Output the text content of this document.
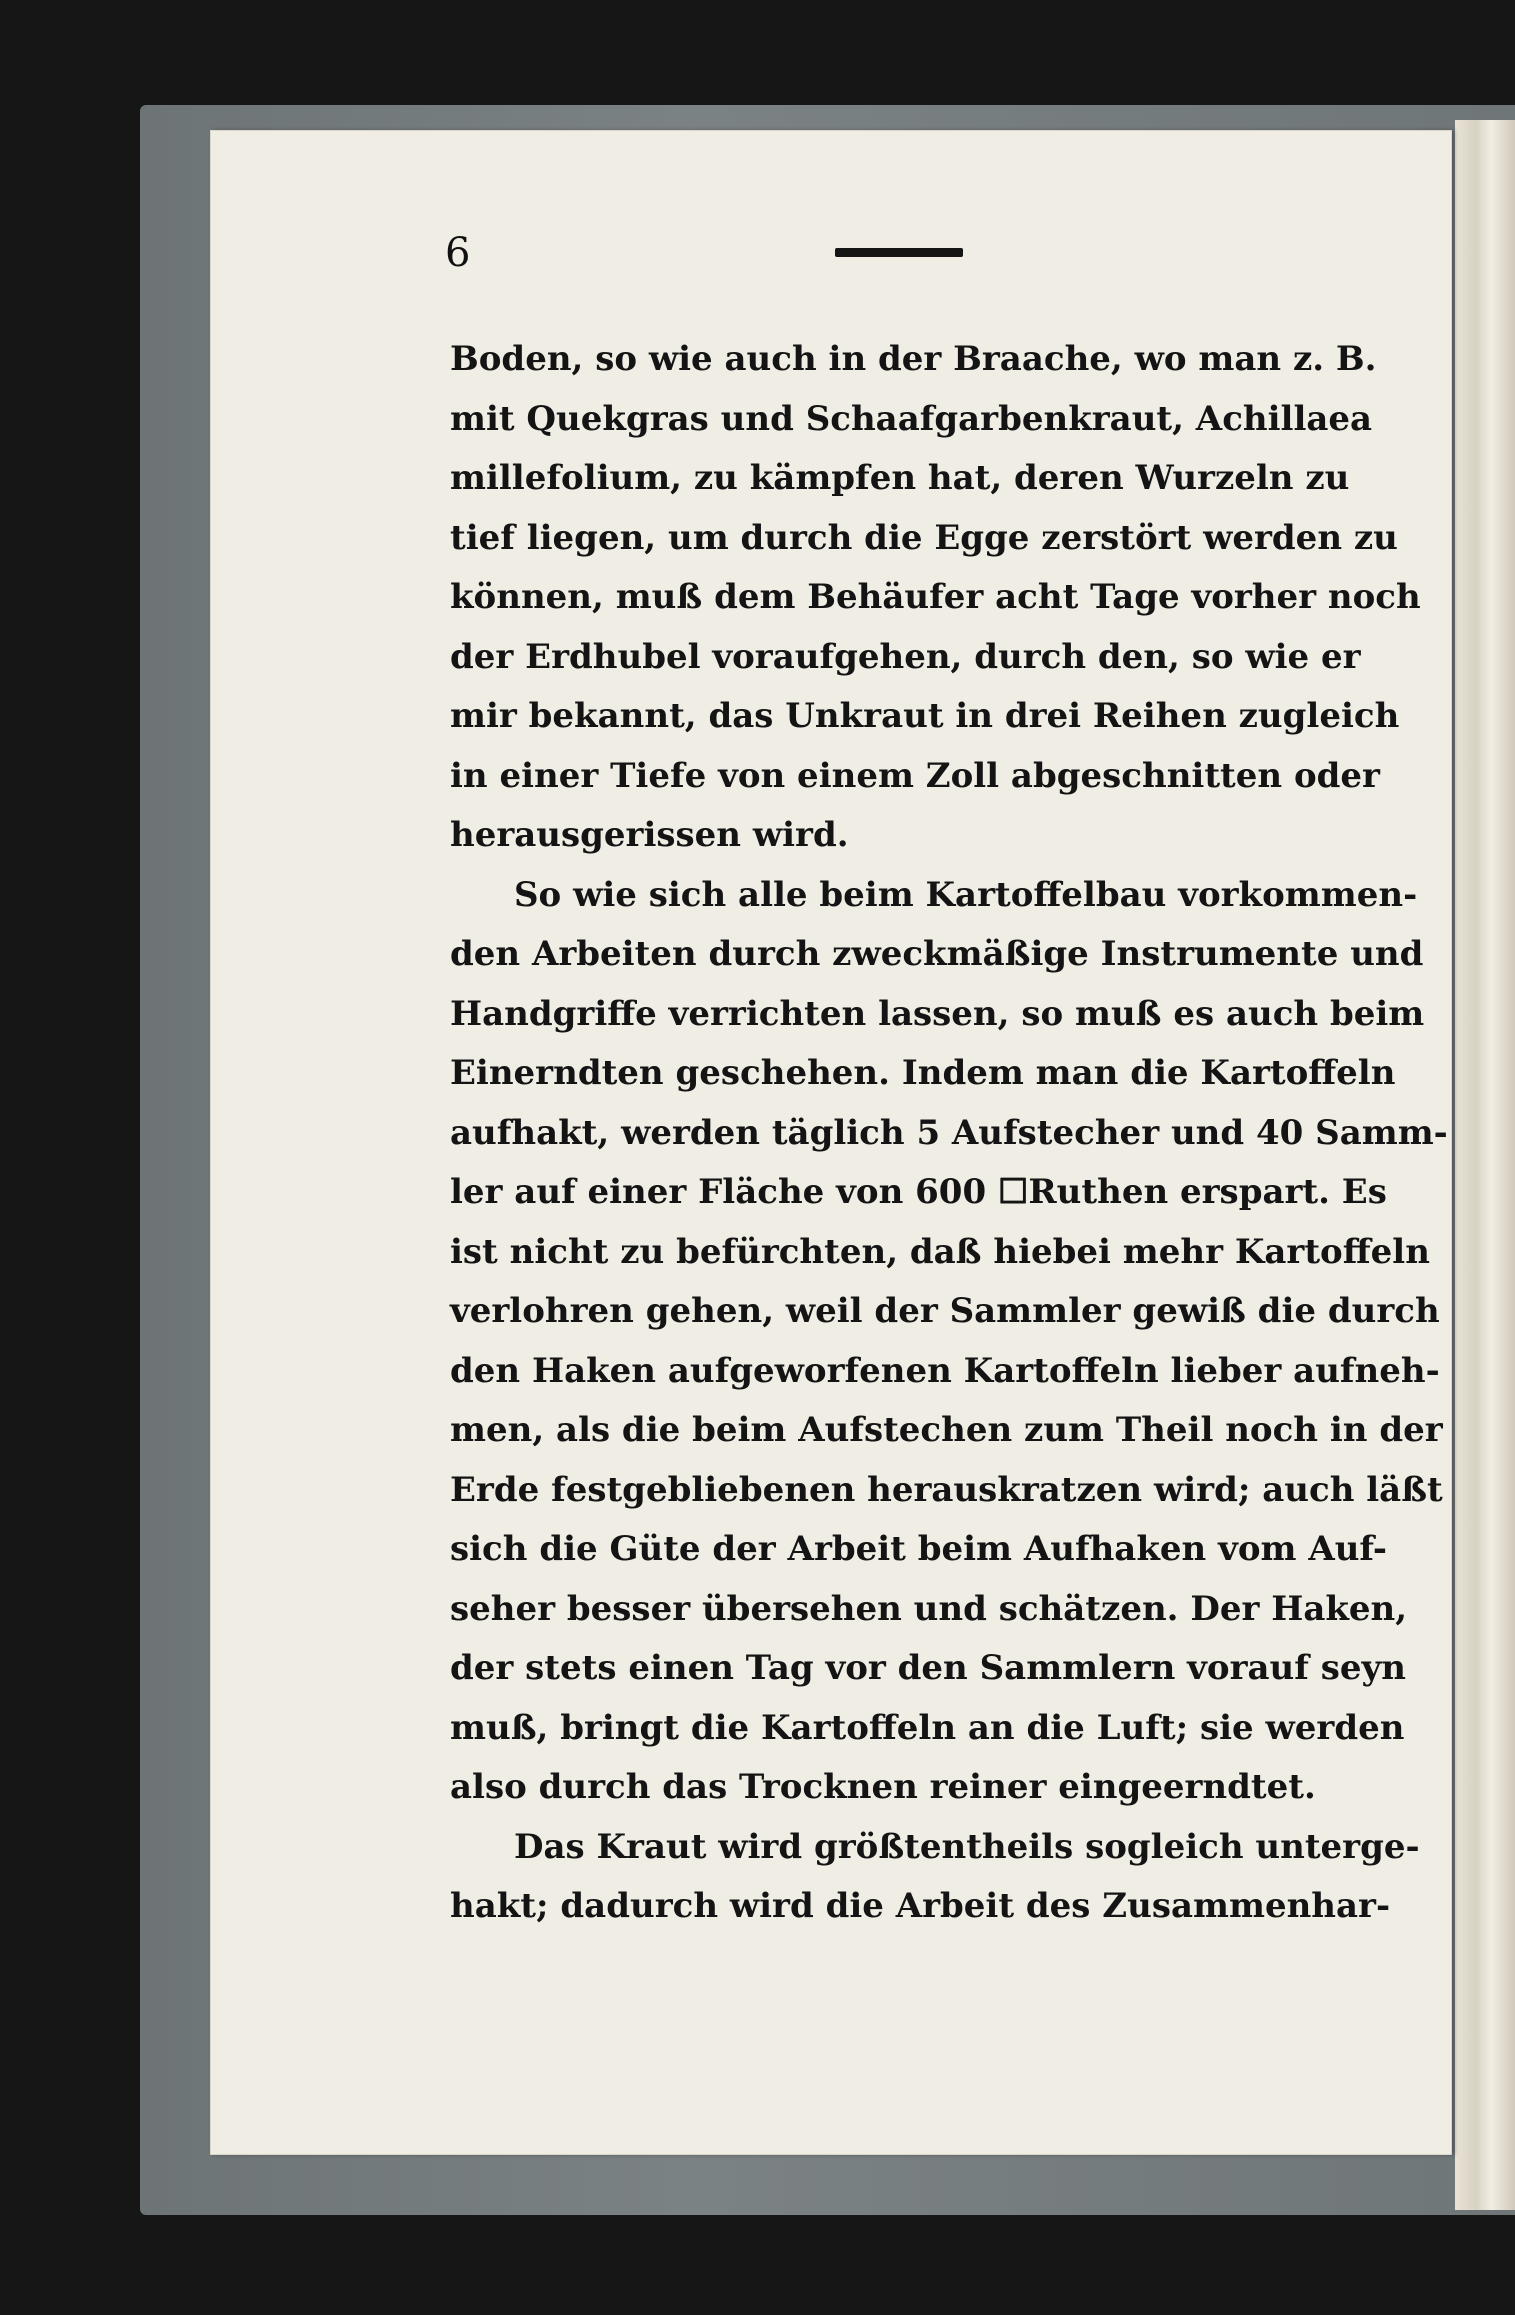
6
Boden, so wie auch in der Braache, wo man z. B.
mit Quekgras und Schaafgarbenkraut, Achillaea
millefolium, zu kämpfen hat, deren Wurzeln zu
tief liegen, um durch die Egge zerstört werden zu
können, muß dem Behäufer acht Tage vorher noch
der Erdhubel voraufgehen, durch den, so wie er
mir bekannt, das Unkraut in drei Reihen zugleich
in einer Tiefe von einem Zoll abgeschnitten oder
herausgerissen wird.
So wie sich alle beim Kartoffelbau vorkommen-
den Arbeiten durch zweckmäßige Instrumente und
Handgriffe verrichten lassen, so muß es auch beim
Einerndten geschehen. Indem man die Kartoffeln
aufhakt, werden täglich 5 Aufstecher und 40 Samm-
ler auf einer Fläche von 600 ☐Ruthen erspart. Es
ist nicht zu befürchten, daß hiebei mehr Kartoffeln
verlohren gehen, weil der Sammler gewiß die durch
den Haken aufgeworfenen Kartoffeln lieber aufneh-
men, als die beim Aufstechen zum Theil noch in der
Erde festgebliebenen herauskratzen wird; auch läßt
sich die Güte der Arbeit beim Aufhaken vom Auf-
seher besser übersehen und schätzen. Der Haken,
der stets einen Tag vor den Sammlern vorauf seyn
muß, bringt die Kartoffeln an die Luft; sie werden
also durch das Trocknen reiner eingeerndtet.
Das Kraut wird größtentheils sogleich unterge-
hakt; dadurch wird die Arbeit des Zusammenhar-
